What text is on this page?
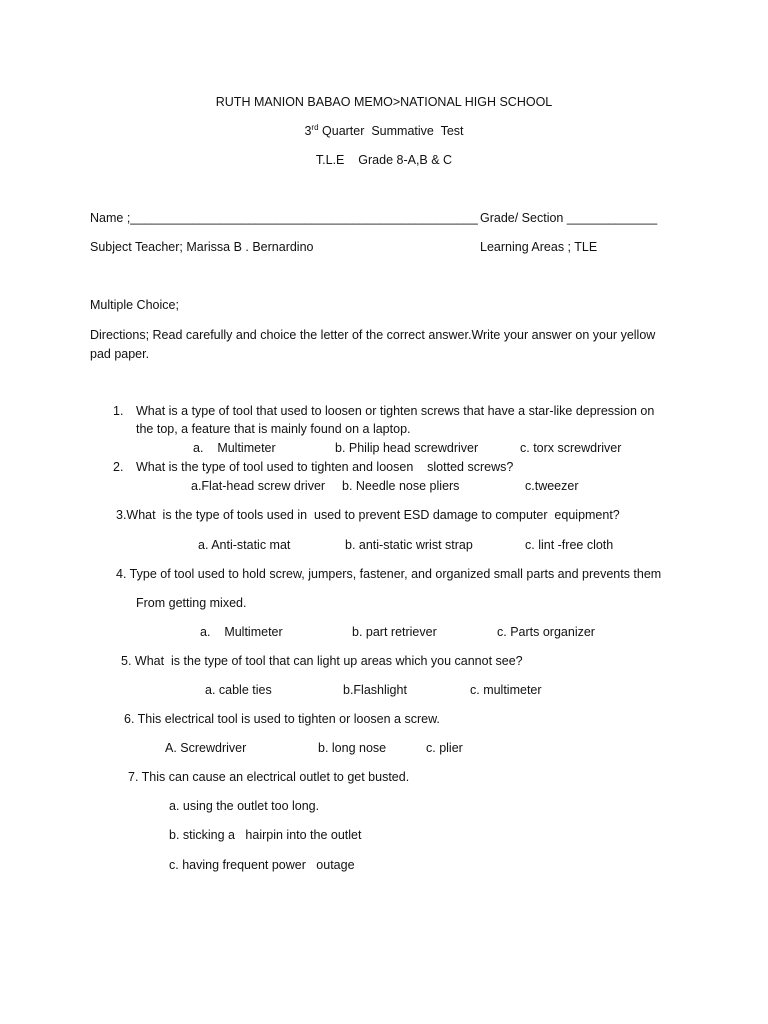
RUTH MANION BABAO MEMO>NATIONAL HIGH SCHOOL
3rd Quarter  Summative  Test
T.L.E    Grade 8-A,B & C
Name ;__________________________________________________ Grade/ Section _____________
Subject Teacher; Marissa B . Bernardino	Learning Areas ; TLE
Multiple Choice;
Directions; Read carefully and choice the letter of the correct answer.Write your answer on your yellow
pad paper.
1. What is a type of tool that used to loosen or tighten screws that have a star-like depression on
the top, a feature that is mainly found on a laptop.
a.    Multimeter	b. Philip head screwdriver	c. torx screwdriver
2. What is the type of tool used to tighten and loosen    slotted screws?
a.Flat-head screw driver b. Needle nose pliers	c.tweezer
3.What  is the type of tools used in  used to prevent ESD damage to computer  equipment?
a. Anti-static mat	b. anti-static wrist strap	c. lint -free cloth
4. Type of tool used to hold screw, jumpers, fastener, and organized small parts and prevents them
From getting mixed.
a.    Multimeter	b. part retriever	c. Parts organizer
5. What  is the type of tool that can light up areas which you cannot see?
a. cable ties	b.Flashlight	c. multimeter
6. This electrical tool is used to tighten or loosen a screw.
A. Screwdriver	b. long nose	c. plier
7. This can cause an electrical outlet to get busted.
a. using the outlet too long.
b. sticking a   hairpin into the outlet
c. having frequent power   outage
